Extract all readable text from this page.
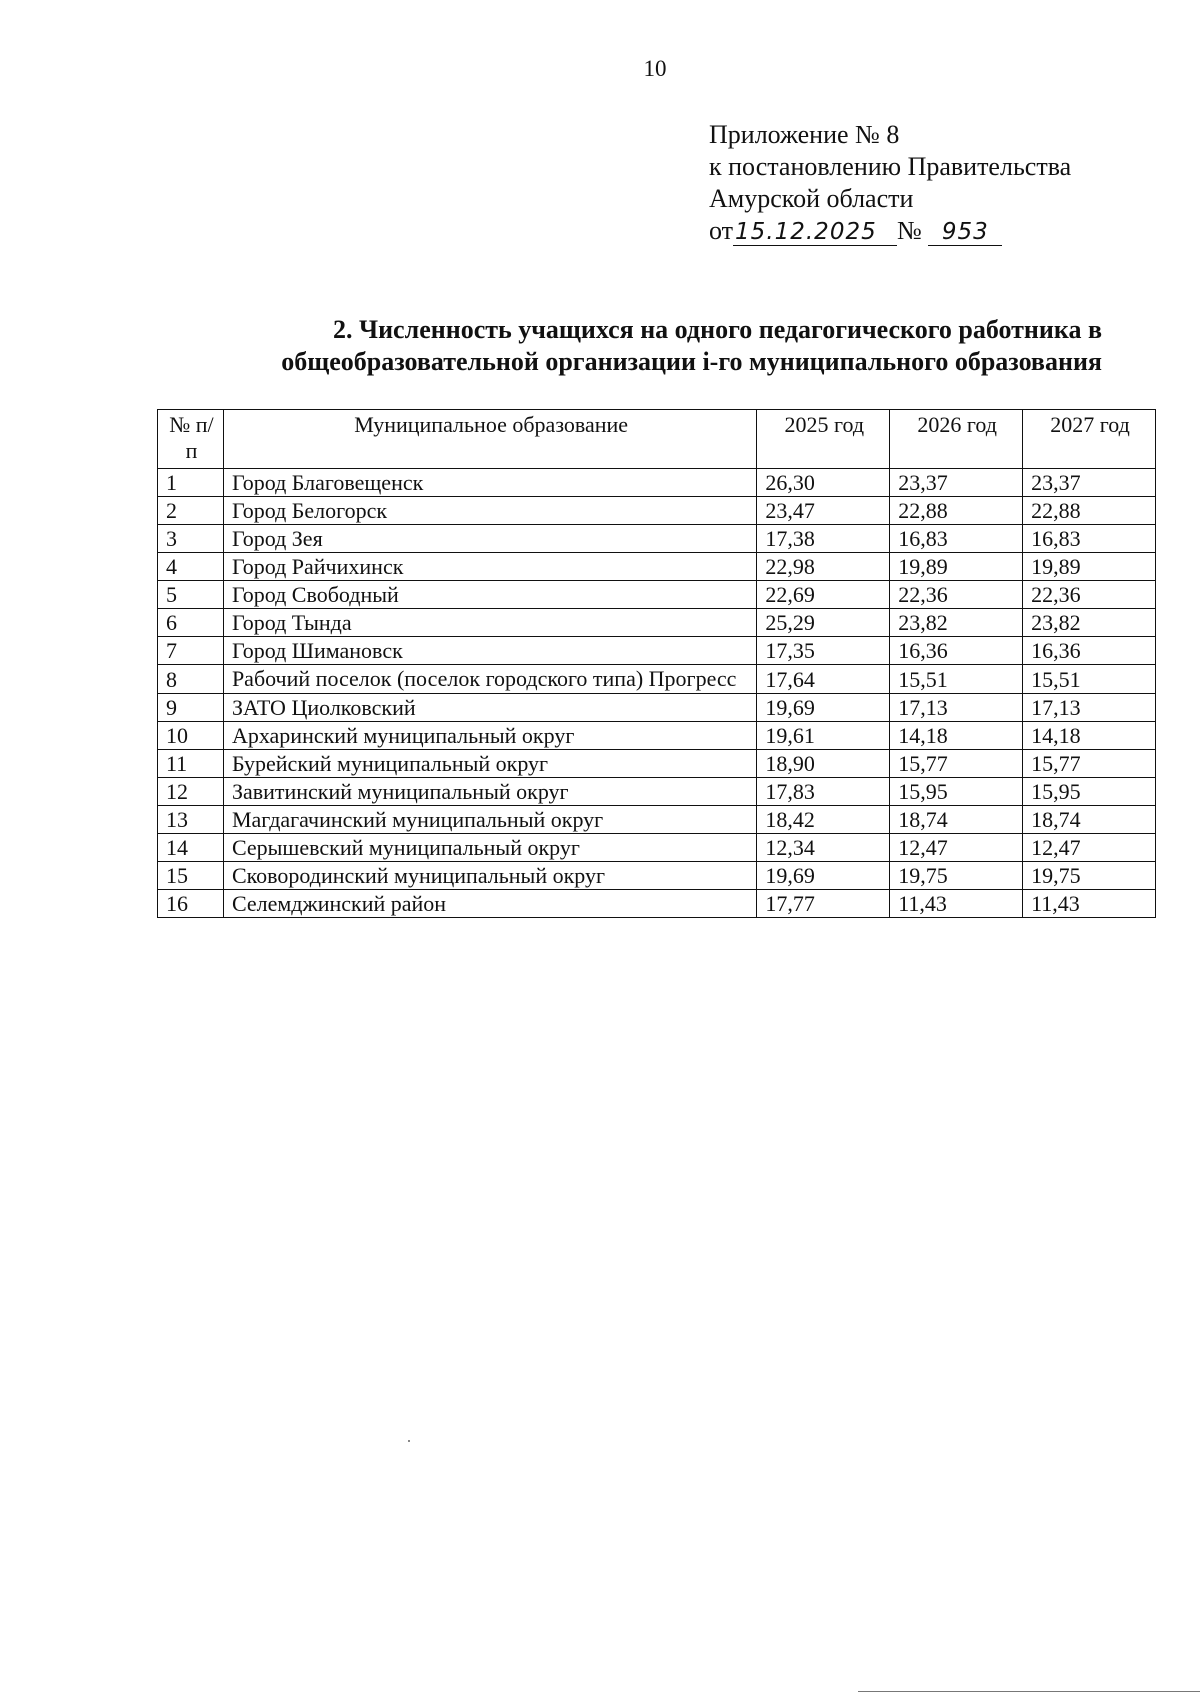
10
Приложение № 8
к постановлению Правительства
Амурской области
от15.12.2025 № 953
2. Численность учащихся на одного педагогического работника в
общеобразовательной организации i-го муниципального образования
№ п/п	Муниципальное образование	2025 год	2026 год	2027 год
1	Город Благовещенск	26,30	23,37	23,37
2	Город Белогорск	23,47	22,88	22,88
3	Город Зея	17,38	16,83	16,83
4	Город Райчихинск	22,98	19,89	19,89
5	Город Свободный	22,69	22,36	22,36
6	Город Тында	25,29	23,82	23,82
7	Город Шимановск	17,35	16,36	16,36
8	Рабочий поселок (поселок городского типа) Прогресс	17,64	15,51	15,51
9	ЗАТО Циолковский	19,69	17,13	17,13
10	Архаринский муниципальный округ	19,61	14,18	14,18
11	Бурейский муниципальный округ	18,90	15,77	15,77
12	Завитинский муниципальный округ	17,83	15,95	15,95
13	Магдагачинский муниципальный округ	18,42	18,74	18,74
14	Серышевский муниципальный округ	12,34	12,47	12,47
15	Сковородинский муниципальный округ	19,69	19,75	19,75
16	Селемджинский район	17,77	11,43	11,43
